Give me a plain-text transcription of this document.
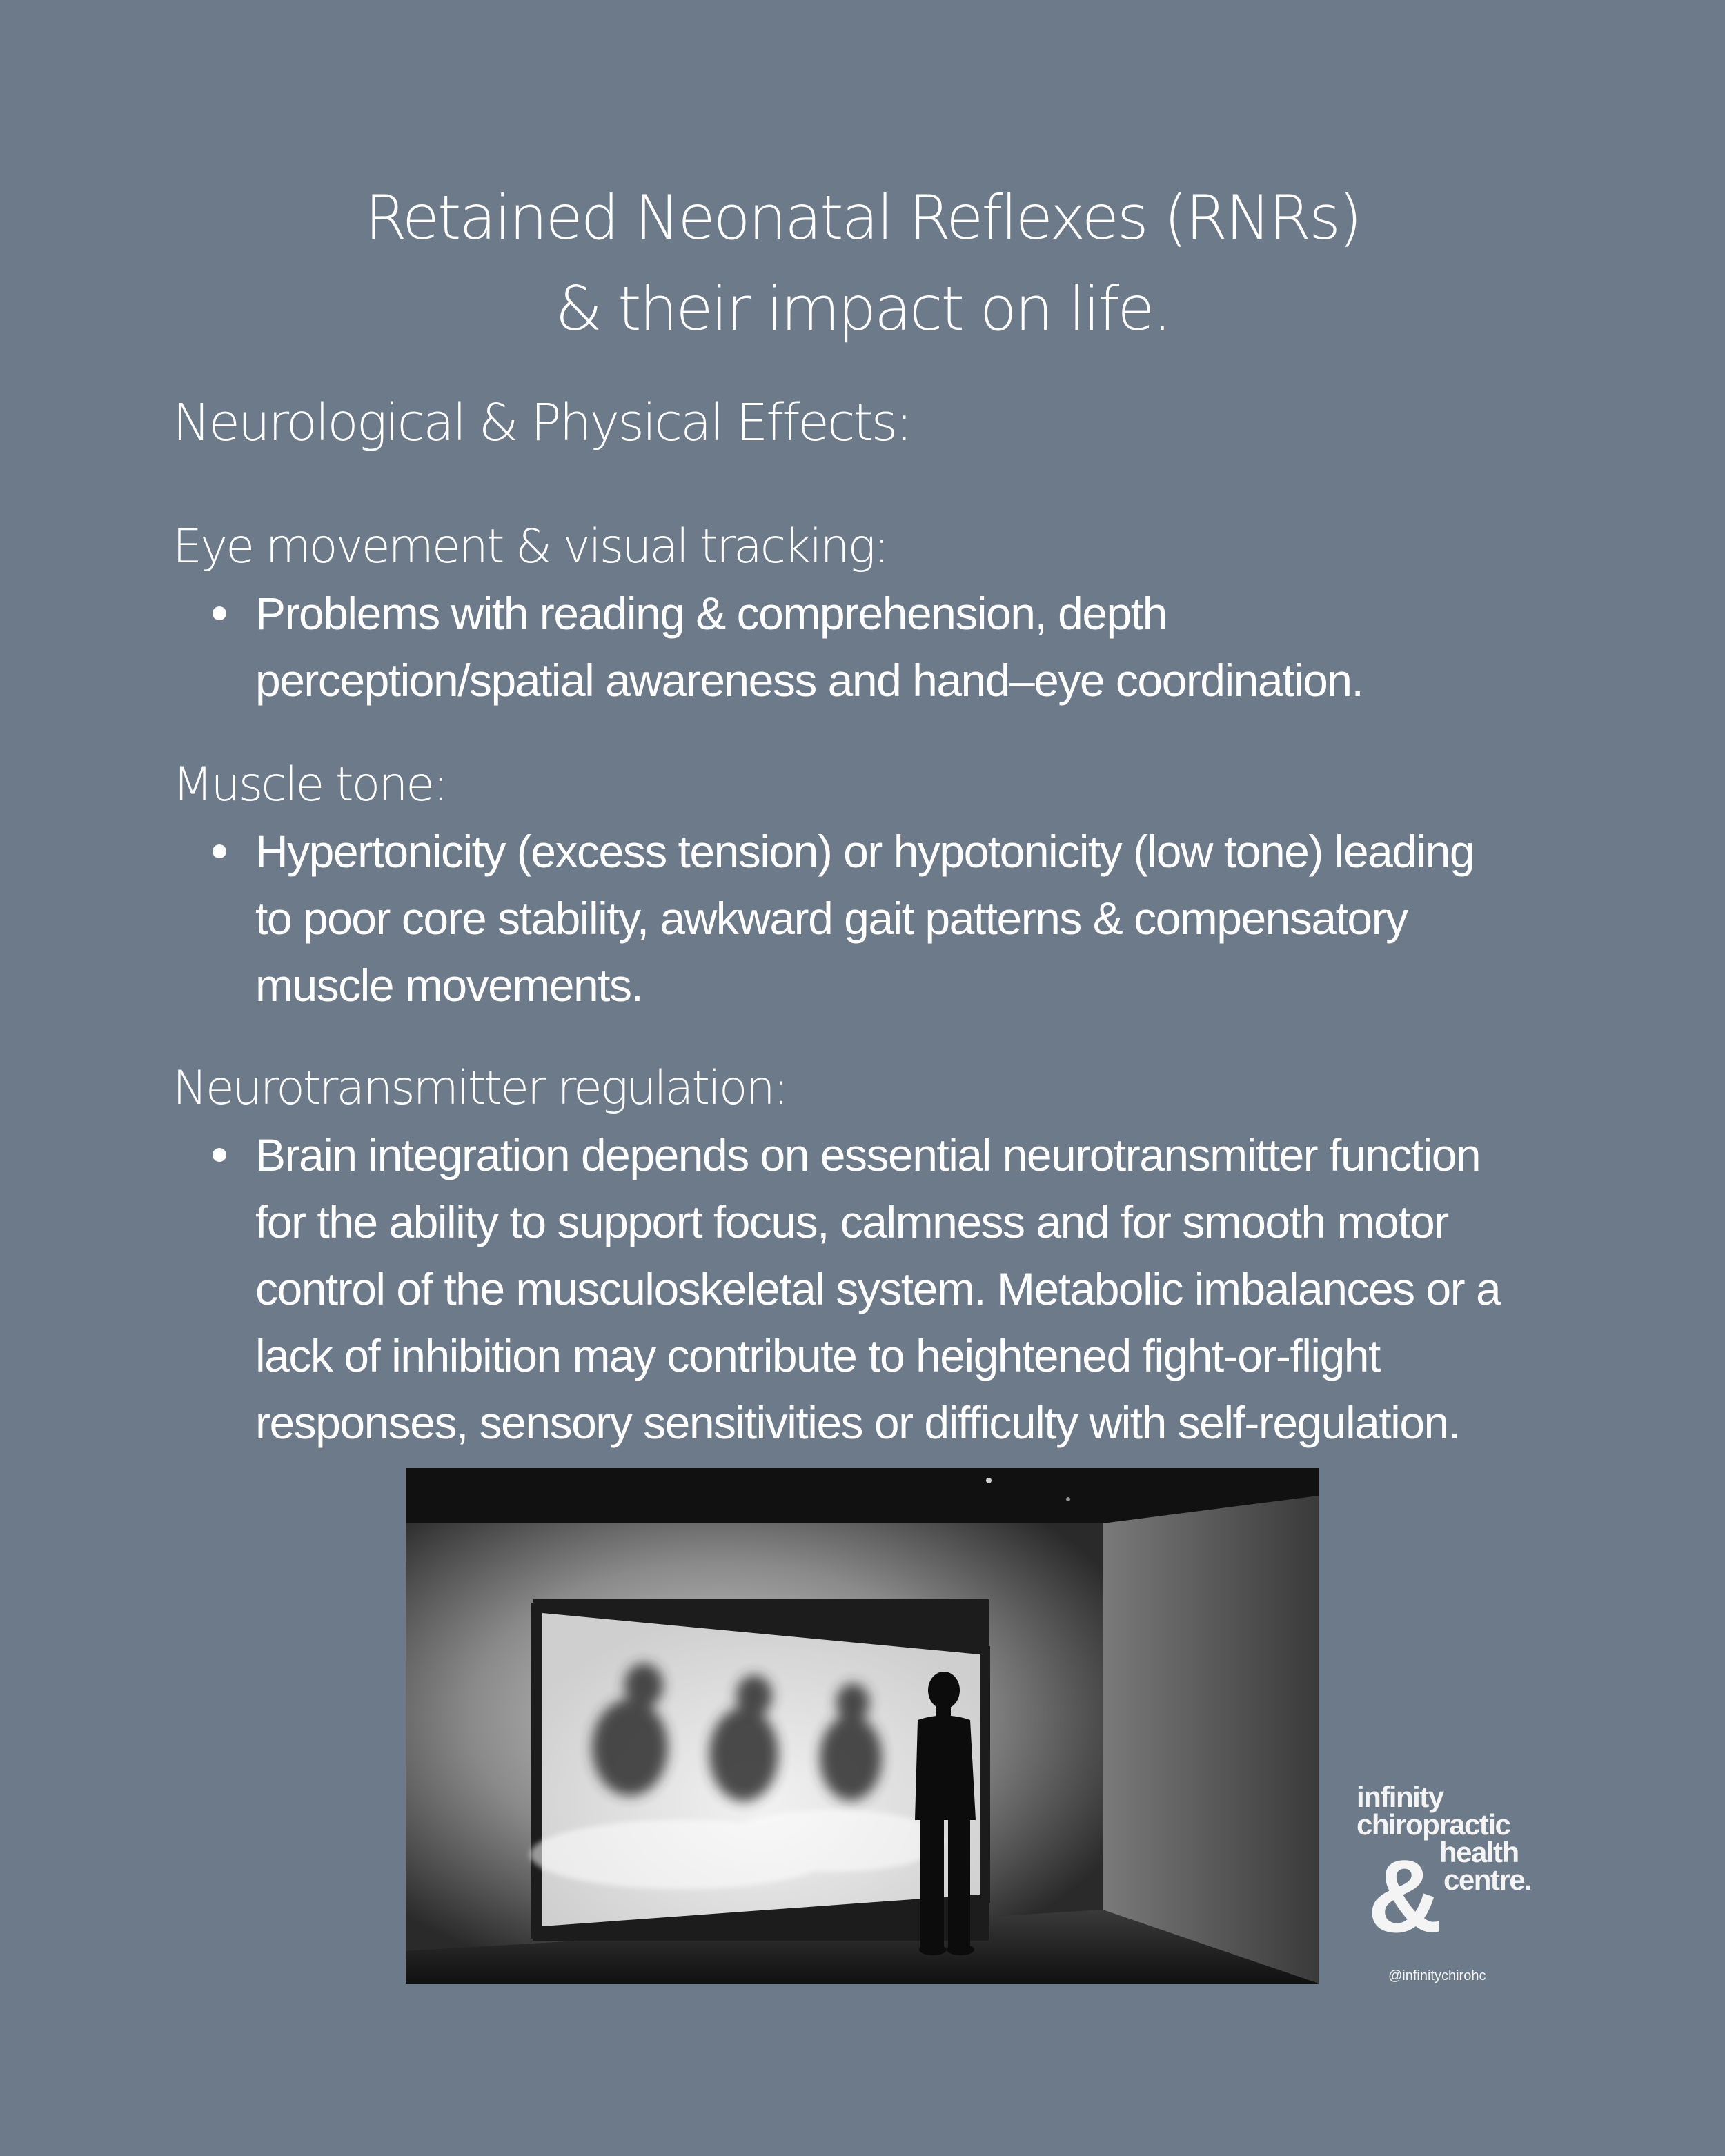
Retained Neonatal Reflexes (RNRs)
& their impact on life.
Neurological & Physical Effects:
Eye movement & visual tracking:
Problems with reading & comprehension, depth
perception/spatial awareness and hand–eye coordination.
Muscle tone:
Hypertonicity (excess tension) or hypotonicity (low tone) leading
to poor core stability, awkward gait patterns & compensatory
muscle movements.
Neurotransmitter regulation:
Brain integration depends on essential neurotransmitter function
for the ability to support focus, calmness and for smooth motor
control of the musculoskeletal system. Metabolic imbalances or a
lack of inhibition may contribute to heightened fight-or-flight
responses, sensory sensitivities or difficulty with self-regulation.
infinity
chiropractic
health
centre.
&
@infinitychirohc
